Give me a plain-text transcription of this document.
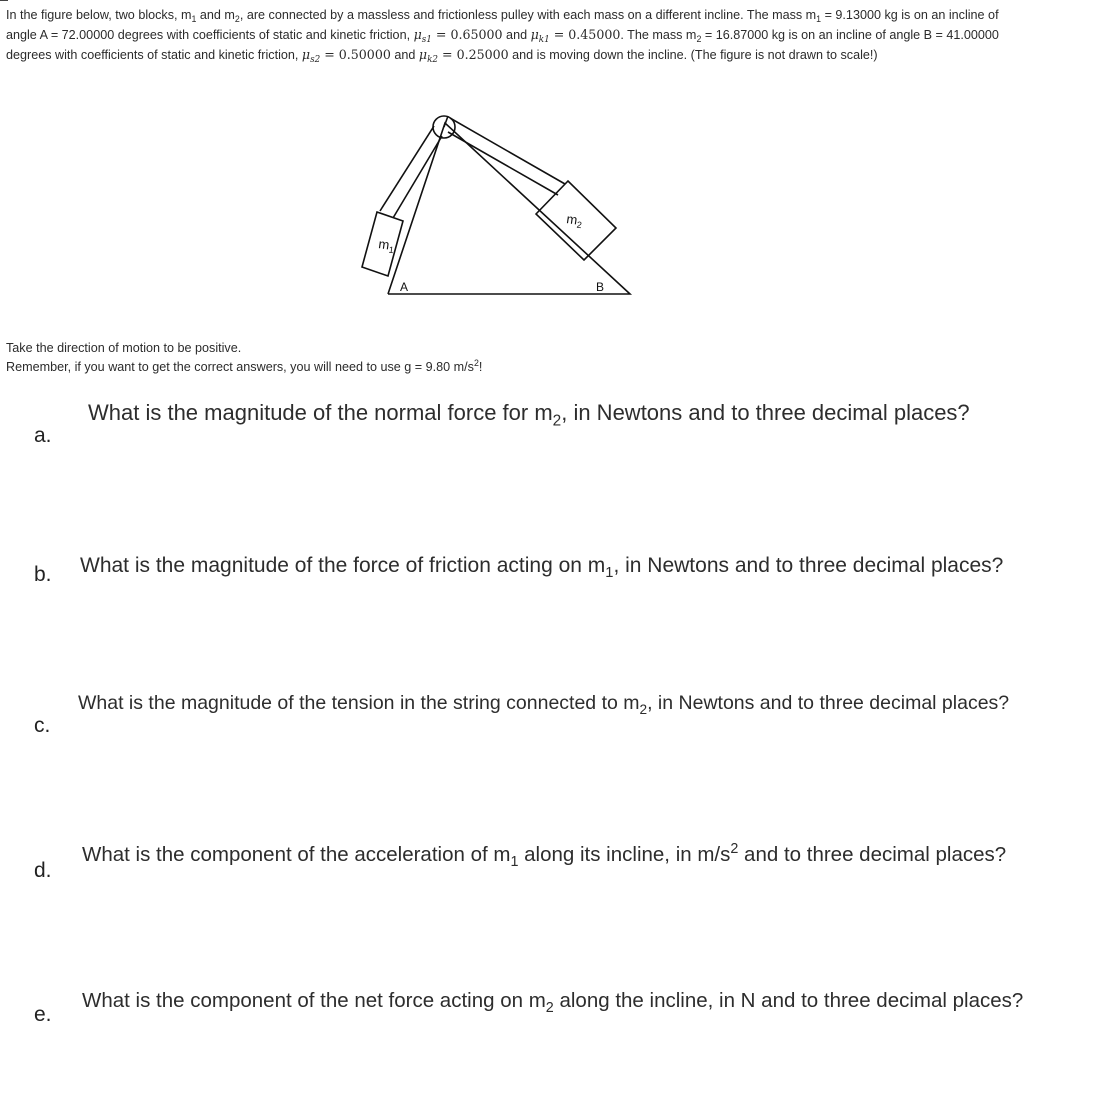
In the figure below, two blocks, $m_1$ and $m_2$, are connected by a massless and frictionless pulley with each mass on a different incline. The mass $m_1 = 9.13000$ kg is on an incline of angle A = 72.00000 degrees with coefficients of static and kinetic friction, $\mu_{s1} = 0.65000$ and $\mu_{k1} = 0.45000$. The mass $m_2 = 16.87000$ kg is on an incline of angle B = 41.00000 degrees with coefficients of static and kinetic friction, $\mu_{s2} = 0.50000$ and $\mu_{k2} = 0.25000$ and is moving down the incline. (The figure is not drawn to scale!)
$m_1$
$m_2$
A	B
Take the direction of motion to be positive.
Remember, if you want to get the correct answers, you will need to use g = 9.80 $m/s^2$!
a.
What is the magnitude of the normal force for $m_2$, in Newtons and to three decimal places?
b. What is the magnitude of the force of friction acting on $m_1$, in Newtons and to three decimal places?
c.
What is the magnitude of the tension in the string connected to $m_2$, in Newtons and to three decimal places?
d.
What is the component of the acceleration of $m_1$ along its incline, in $m/s^2$ and to three decimal places?
e.
What is the component of the net force acting on $m_2$ along the incline, in N and to three decimal places?
